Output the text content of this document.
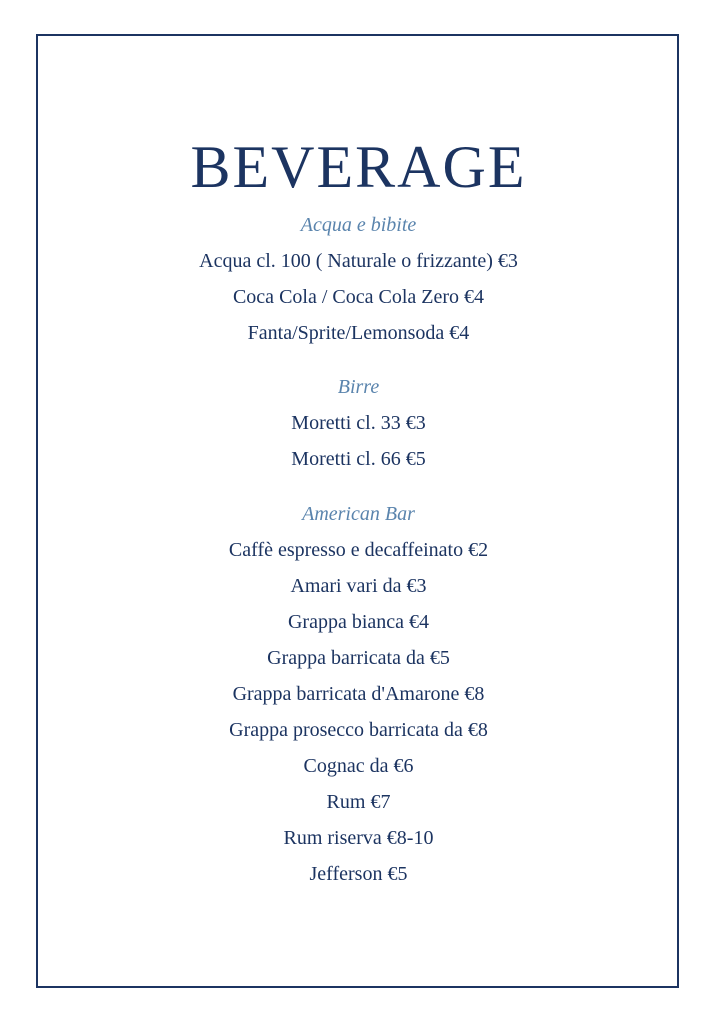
BEVERAGE
Acqua e bibite
Acqua cl. 100 ( Naturale o frizzante) €3
Coca Cola / Coca Cola Zero €4
Fanta/Sprite/Lemonsoda €4
Birre
Moretti cl. 33 €3
Moretti cl. 66 €5
American Bar
Caffè espresso e decaffeinato €2
Amari vari da €3
Grappa bianca €4
Grappa barricata da €5
Grappa barricata d'Amarone €8
Grappa prosecco barricata da €8
Cognac da €6
Rum €7
Rum riserva €8-10
Jefferson €5
